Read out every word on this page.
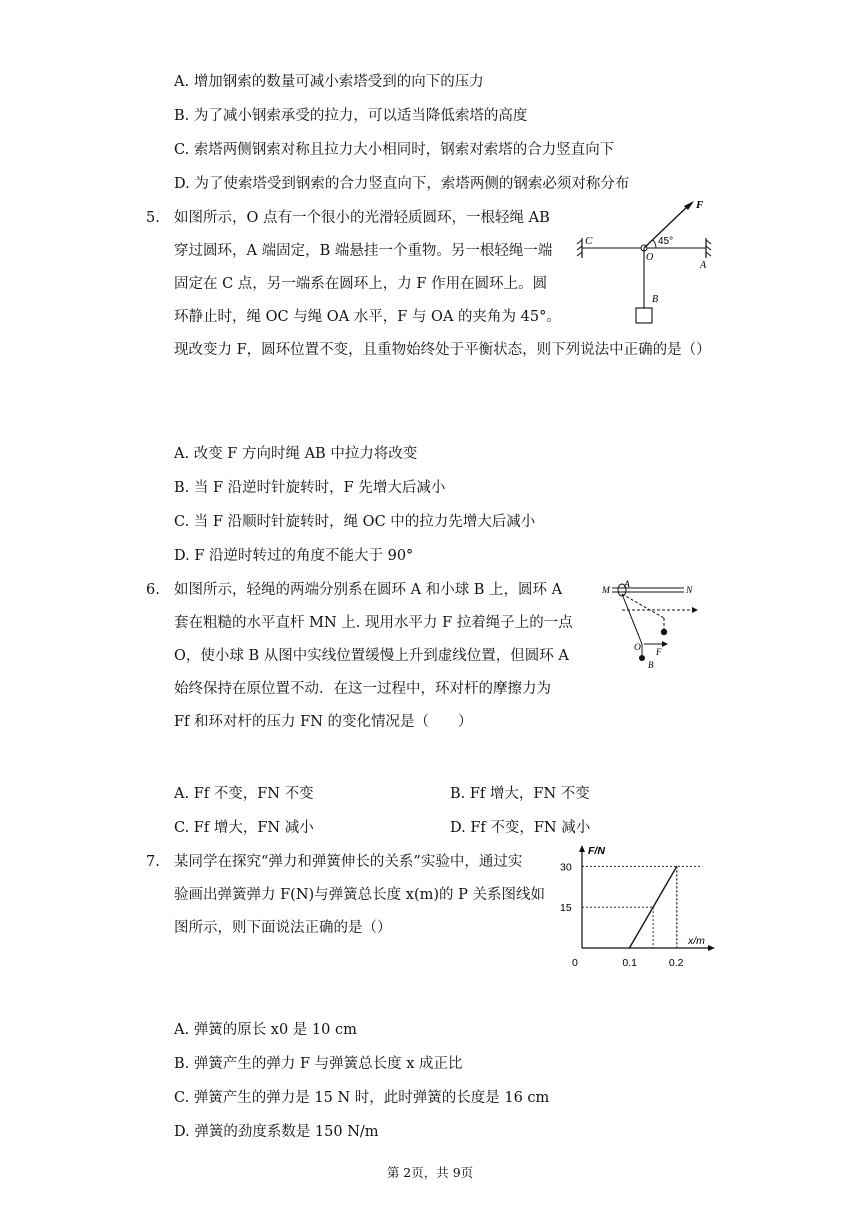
A. 增加钢索的数量可减小索塔受到的向下的压力
B. 为了减小钢索承受的拉力，可以适当降低索塔的高度
C. 索塔两侧钢索对称且拉力大小相同时，钢索对索塔的合力竖直向下
D. 为了使索塔受到钢索的合力竖直向下，索塔两侧的钢索必须对称分布
5. 如图所示，O 点有一个很小的光滑轻质圆环，一根轻绳 AB
穿过圆环，A 端固定，B 端悬挂一个重物。另一根轻绳一端
固定在 C 点，另一端系在圆环上，力 F 作用在圆环上。圆
环静止时，绳 OC 与绳 OA 水平，F 与 OA 的夹角为 45°。
现改变力 F，圆环位置不变，且重物始终处于平衡状态，则下列说法中正确的是（）
F
C	45°
O
A
B
A. 改变 F 方向时绳 AB 中拉力将改变
B. 当 F 沿逆时针旋转时，F 先增大后减小
C. 当 F 沿顺时针旋转时，绳 OC 中的拉力先增大后减小
D. F 沿逆时转过的角度不能大于 90°
6. 如图所示，轻绳的两端分别系在圆环 A 和小球 B 上，圆环 A
套在粗糙的水平直杆 MN 上. 现用水平力 F 拉着绳子上的一点
O，使小球 B 从图中实线位置缓慢上升到虚线位置，但圆环 A
始终保持在原位置不动．在这一过程中，环对杆的摩擦力为
Ff 和环对杆的压力 FN 的变化情况是（　　）
M
A
N
O F
B
A. Ff 不变，FN 不变	B. Ff 增大，FN 不变
C. Ff 增大，FN 减小	D. Ff 不变，FN 减小
7. 某同学在探究“弹力和弹簧伸长的关系”实验中，通过实
验画出弹簧弹力 F(N)与弹簧总长度 x(m)的 P 关系图线如
图所示，则下面说法正确的是（）
F/N
x/m
0	0.1	0.2
15
30
A. 弹簧的原长 x0 是 10 cm
B. 弹簧产生的弹力 F 与弹簧总长度 x 成正比
C. 弹簧产生的弹力是 15 N 时，此时弹簧的长度是 16 cm
D. 弹簧的劲度系数是 150 N/m
第 2页，共 9页
